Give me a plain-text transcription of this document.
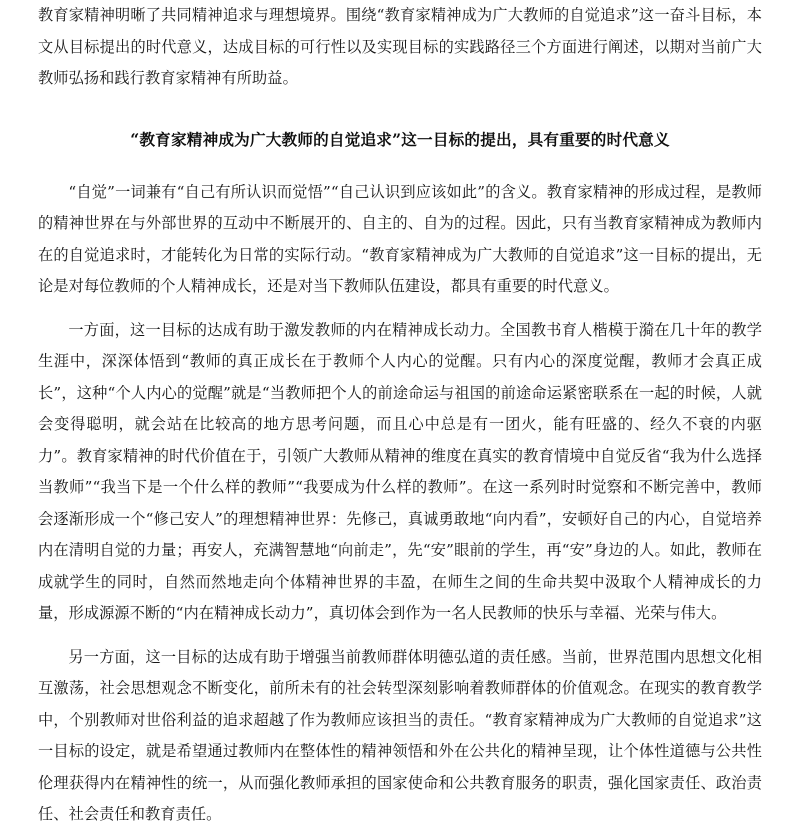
教育家精神明晰了共同精神追求与理想境界。围绕“教育家精神成为广大教师的自觉追求”这一奋斗目标，本文从目标提出的时代意义，达成目标的可行性以及实现目标的实践路径三个方面进行阐述，以期对当前广大教师弘扬和践行教育家精神有所助益。

“教育家精神成为广大教师的自觉追求”这一目标的提出，具有重要的时代意义

“自觉”一词兼有“自己有所认识而觉悟”“自己认识到应该如此”的含义。教育家精神的形成过程，是教师的精神世界在与外部世界的互动中不断展开的、自主的、自为的过程。因此，只有当教育家精神成为教师内在的自觉追求时，才能转化为日常的实际行动。“教育家精神成为广大教师的自觉追求”这一目标的提出，无论是对每位教师的个人精神成长，还是对当下教师队伍建设，都具有重要的时代意义。

一方面，这一目标的达成有助于激发教师的内在精神成长动力。全国教书育人楷模于漪在几十年的教学生涯中，深深体悟到“教师的真正成长在于教师个人内心的觉醒。只有内心的深度觉醒，教师才会真正成长”，这种“个人内心的觉醒”就是“当教师把个人的前途命运与祖国的前途命运紧密联系在一起的时候，人就会变得聪明，就会站在比较高的地方思考问题，而且心中总是有一团火，能有旺盛的、经久不衰的内驱力”。教育家精神的时代价值在于，引领广大教师从精神的维度在真实的教育情境中自觉反省“我为什么选择当教师”“我当下是一个什么样的教师”“我要成为什么样的教师”。在这一系列时时觉察和不断完善中，教师会逐渐形成一个“修己安人”的理想精神世界：先修己，真诚勇敢地“向内看”，安顿好自己的内心，自觉培养内在清明自觉的力量；再安人，充满智慧地“向前走”，先“安”眼前的学生，再“安”身边的人。如此，教师在成就学生的同时，自然而然地走向个体精神世界的丰盈，在师生之间的生命共契中汲取个人精神成长的力量，形成源源不断的“内在精神成长动力”，真切体会到作为一名人民教师的快乐与幸福、光荣与伟大。

另一方面，这一目标的达成有助于增强当前教师群体明德弘道的责任感。当前，世界范围内思想文化相互激荡，社会思想观念不断变化，前所未有的社会转型深刻影响着教师群体的价值观念。在现实的教育教学中，个别教师对世俗利益的追求超越了作为教师应该担当的责任。“教育家精神成为广大教师的自觉追求”这一目标的设定，就是希望通过教师内在整体性的精神领悟和外在公共化的精神呈现，让个体性道德与公共性伦理获得内在精神性的统一，从而强化教师承担的国家使命和公共教育服务的职责，强化国家责任、政治责任、社会责任和教育责任。
